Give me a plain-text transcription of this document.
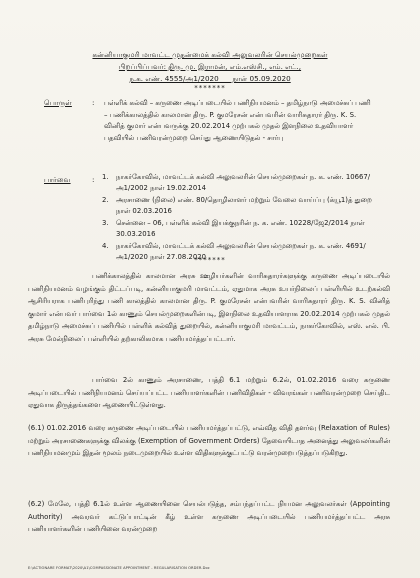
கன்னியாகுமரி மாவட்ட முதன்மைக் கல்வி அலுவலரின் செயல்முறைகள்
பிறப்பிப்பவர்: திரு. மு. இராமன், எம்.எஸ்சி., எம். எட்.,
ந.க. எண். 4555/அ1/2020      நாள் 05.09.2020
*******
பொருள்	: பள்ளிக் கல்வி – கருணை அடிப்படையில் பணிநியமனம் – தமிழ்நாடு அமைச்சுப் பணி – பணிக்காலத்தில் காலமான திரு. P. குமரேசன் என்பவரின் வாரிசுதாரர் திரு. K. S. வினித் குமார் என்பவருக்கு 20.02.2014 முற்பகல் முதல் இளநிலை உதவியாளர் பதவியில் பணிவரன்முறை செய்து ஆணையிடுதல் - சார்பு
பார்வை	: 1.	நாகர்கோவில், மாவட்டக் கல்வி அலுவலரின் செயல்முறைகள் ந. க. எண். 10667/அ1/2002 நாள் 19.02.2014
2.	அரசாணை (நிலை) எண். 80/தொழிலாளர் மற்றும் வேலை வாய்ப்பு (க்யூ1)த் துறை நாள் 02.03.2016
3.	சென்னை – 06, பள்ளிக் கல்வி இயக்குநரின் ந. க. எண். 10228/ஜே2/2014 நாள் 30.03.2016
4.	நாகர்கோவில், மாவட்டக் கல்வி அலுவலரின் செயல்முறைகள் ந. க. எண். 4691/அ1/2020 நாள் 27.08.2020
*******
பணிக்காலத்தில் காலமான அரசு ஊழியர்களின் வாரிசுதாரர்களுக்கு கருணை அடிப்படையில் பணிநியமனம் வழங்கும் திட்டப்படி, கன்னியாகுமரி மாவட்டம், ஏதுமாக அரசு உயர்நிலைப் பள்ளியில் உடற்கல்வி ஆசிரியராக பணிபுரிந்து பணி காலத்தில் காலமான திரு. P. குமரேசன் என்பவரின் வாரிசுதாரர் திரு. K. S. வினித் குமார் என்பவர் பார்வை 1ல் காணும் செயல்முறைகளின்படி, இளநிலை உதவியாளராக 20.02.2014 முற்பகல் முதல் தமிழ்நாடு அமைச்சுப் பணியில் பள்ளிக் கல்வித் துறையில், கன்னியாகுமரி மாவட்டம், நாகர்கோவில், எஸ். எல். பி. அரசு மேல்நிலைப் பள்ளியில் தற்காலிகமாக பணியமர்த்தப்பட்டார்.
பார்வை 2ல் காணும் அரசாணை, பத்தி 6.1 மற்றும் 6.2ல், 01.02.2016 வரை கருணை அடிப்படையில் பணிநியமனம் செய்யப்பட்ட பணியாளர்களின் பணிவிதிகள் - விவரங்கள் பணிவரன்முறை செய்திட ஏதுவாக திருத்தங்களை ஆணையிட்டுள்ளது.
(6.1) 01.02.2016 வரை கருணை அடிப்படையில் பணியமர்த்தப்பட்டு, எவ்வித விதி தளர்வு (Relaxation of Rules) மற்றும் அரசாணைகளுக்கு விலக்கு (Exemption of Government Orders) தேவையிடாத அனைத்து அலுவலர்களின் பணிநியமனமும் இதன் மூலம் நடைமுறையில் உள்ள விதிகளுக்குட்பட்டு வரன்முறைபடுத்தப்படுகிறது.
(6.2) மேலே, பத்தி 6.1ல் உள்ள ஆணையினை செயல்படுத்த, சம்பந்தப்பட்ட நியமன அலுவலர்கள் (Appointing Authority) அவரவர் கட்டுப்பாட்டின் கீழ் உள்ள கருணை அடிப்படையில் பணியமர்த்தப்பட்ட அரசு பணியாளர்களின் பணியினை வரன்முறை
E:\ACTIONARE FORMAT\2020\A1\COMPASSIONATE APPOINTMENT - REGULARISATION ORDER.Doc
